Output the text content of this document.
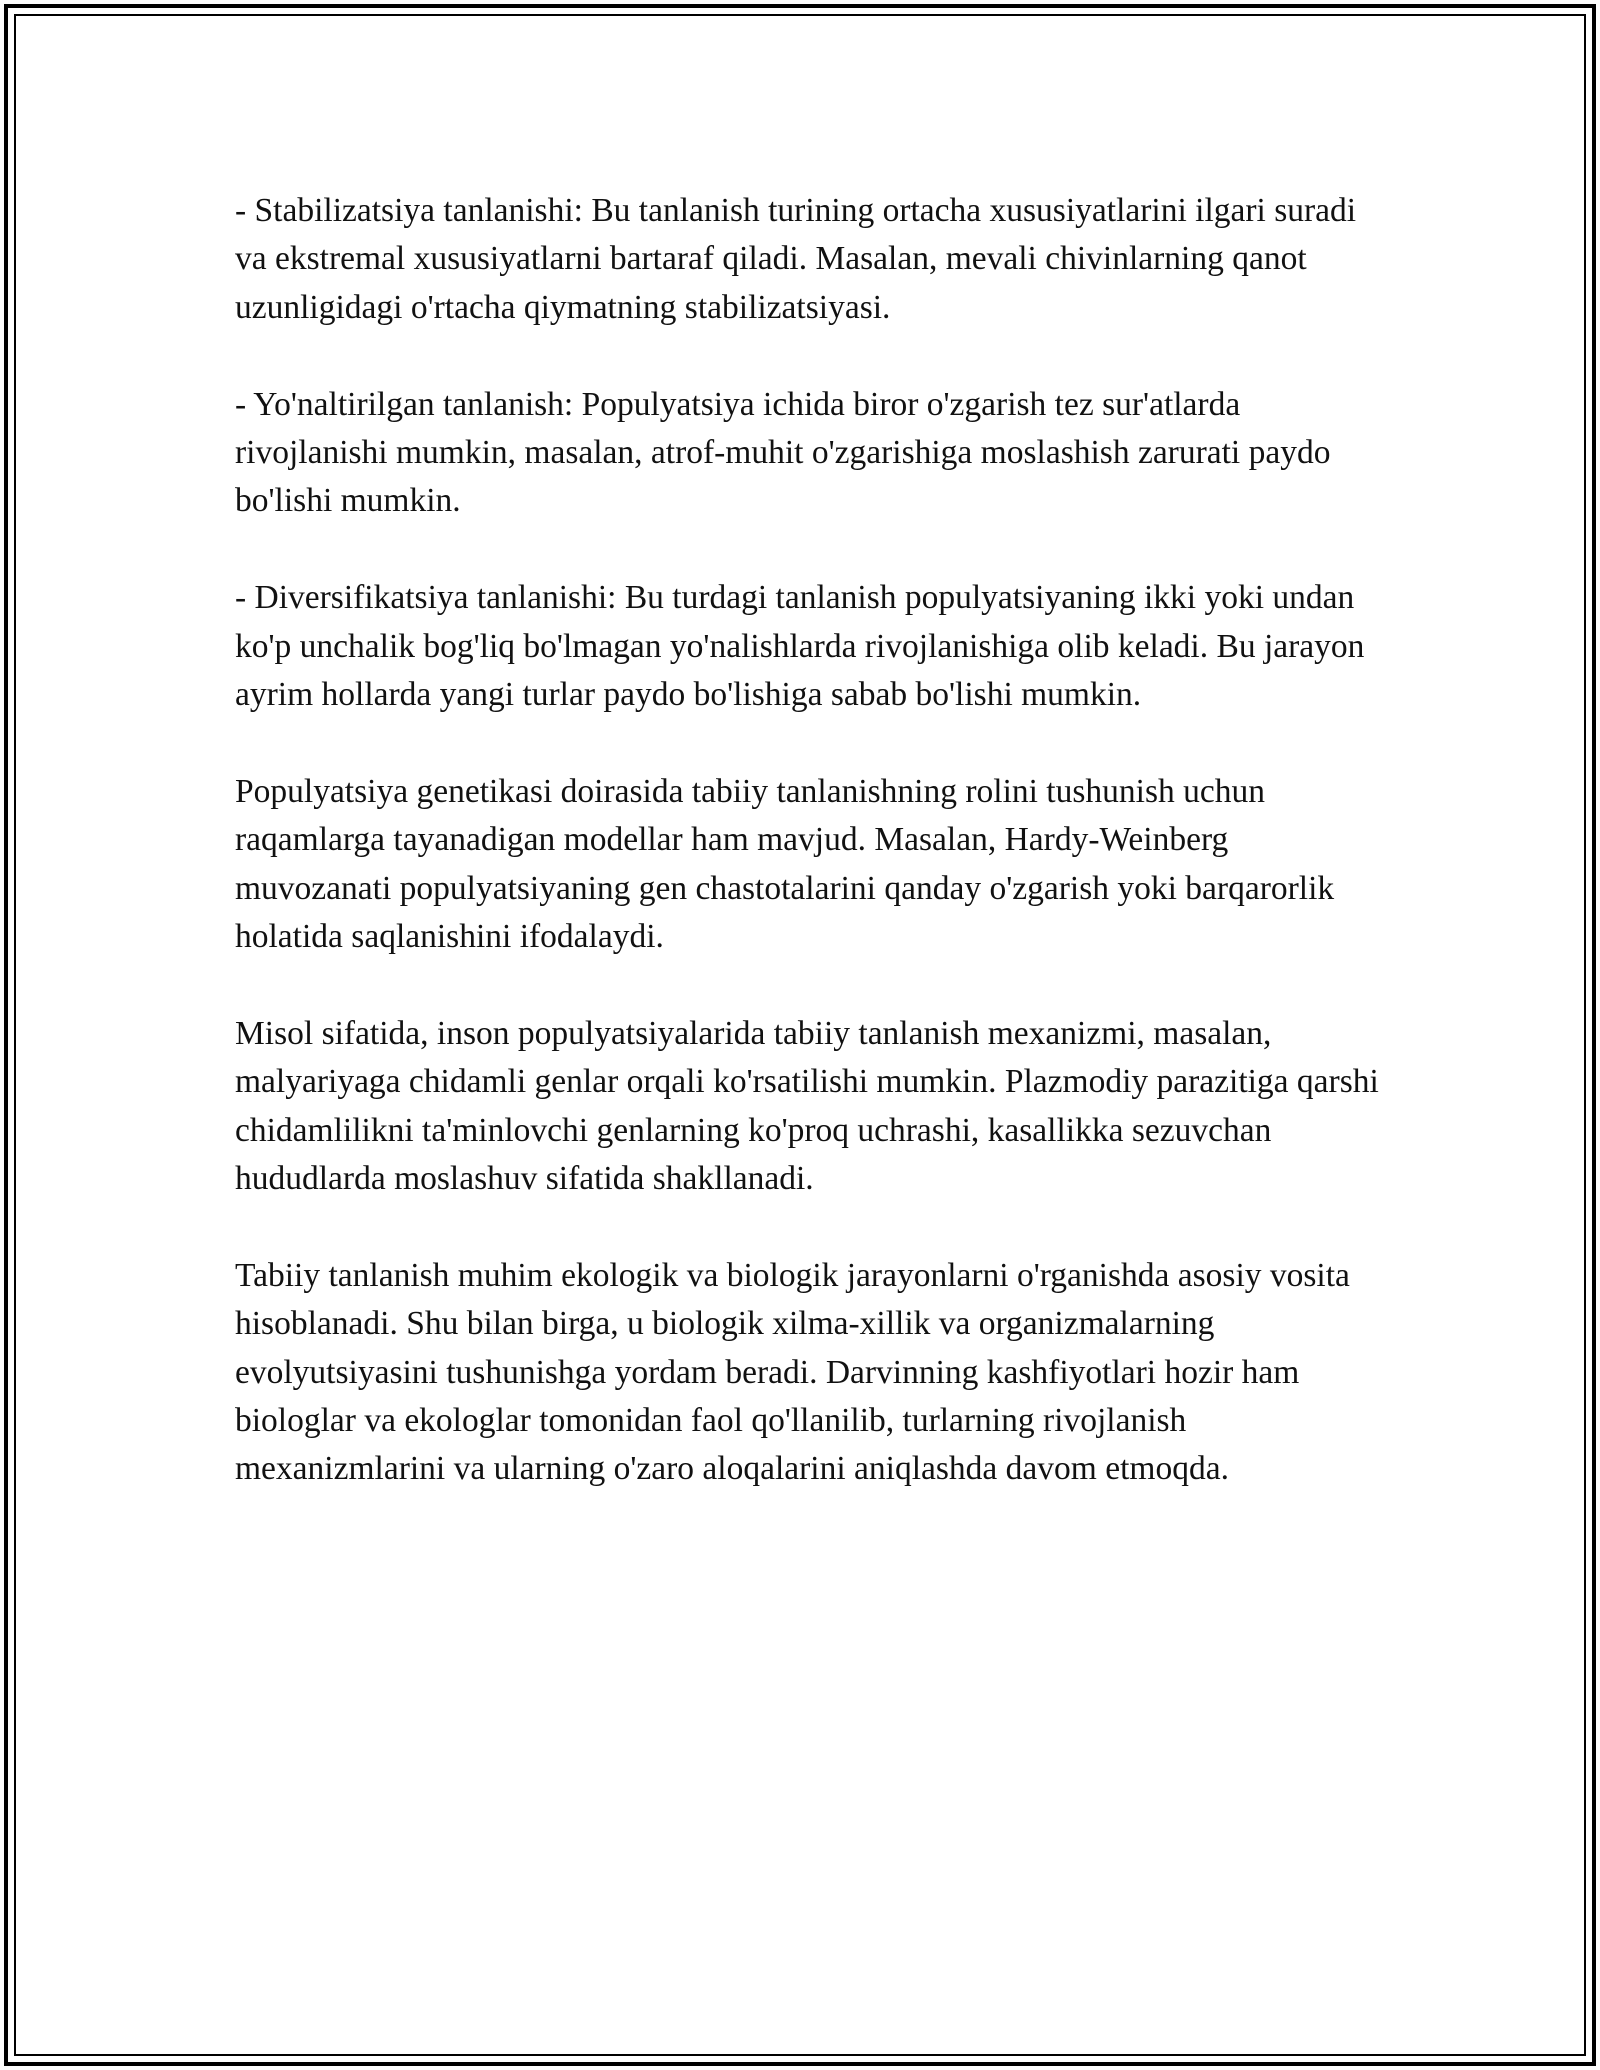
- Stabilizatsiya tanlanishi: Bu tanlanish turining ortacha xususiyatlarini ilgari suradi va ekstremal xususiyatlarni bartaraf qiladi. Masalan, mevali chivinlarning qanot uzunligidagi o'rtacha qiymatning stabilizatsiyasi.

- Yo'naltirilgan tanlanish: Populyatsiya ichida biror o'zgarish tez sur'atlarda rivojlanishi mumkin, masalan, atrof-muhit o'zgarishiga moslashish zarurati paydo bo'lishi mumkin.

- Diversifikatsiya tanlanishi: Bu turdagi tanlanish populyatsiyaning ikki yoki undan ko'p unchalik bog'liq bo'lmagan yo'nalishlarda rivojlanishiga olib keladi. Bu jarayon ayrim hollarda yangi turlar paydo bo'lishiga sabab bo'lishi mumkin.

Populyatsiya genetikasi doirasida tabiiy tanlanishning rolini tushunish uchun raqamlarga tayanadigan modellar ham mavjud. Masalan, Hardy-Weinberg muvozanati populyatsiyaning gen chastotalarini qanday o'zgarish yoki barqarorlik holatida saqlanishini ifodalaydi.

Misol sifatida, inson populyatsiyalarida tabiiy tanlanish mexanizmi, masalan, malyariyaga chidamli genlar orqali ko'rsatilishi mumkin. Plazmodiy parazitiga qarshi chidamlilikni ta'minlovchi genlarning ko'proq uchrashi, kasallikka sezuvchan hududlarda moslashuv sifatida shakllanadi.

Tabiiy tanlanish muhim ekologik va biologik jarayonlarni o'rganishda asosiy vosita hisoblanadi. Shu bilan birga, u biologik xilma-xillik va organizmalarning evolyutsiyasini tushunishga yordam beradi. Darvinning kashfiyotlari hozir ham biologlar va ekologlar tomonidan faol qo'llanilib, turlarning rivojlanish mexanizmlarini va ularning o'zaro aloqalarini aniqlashda davom etmoqda.
